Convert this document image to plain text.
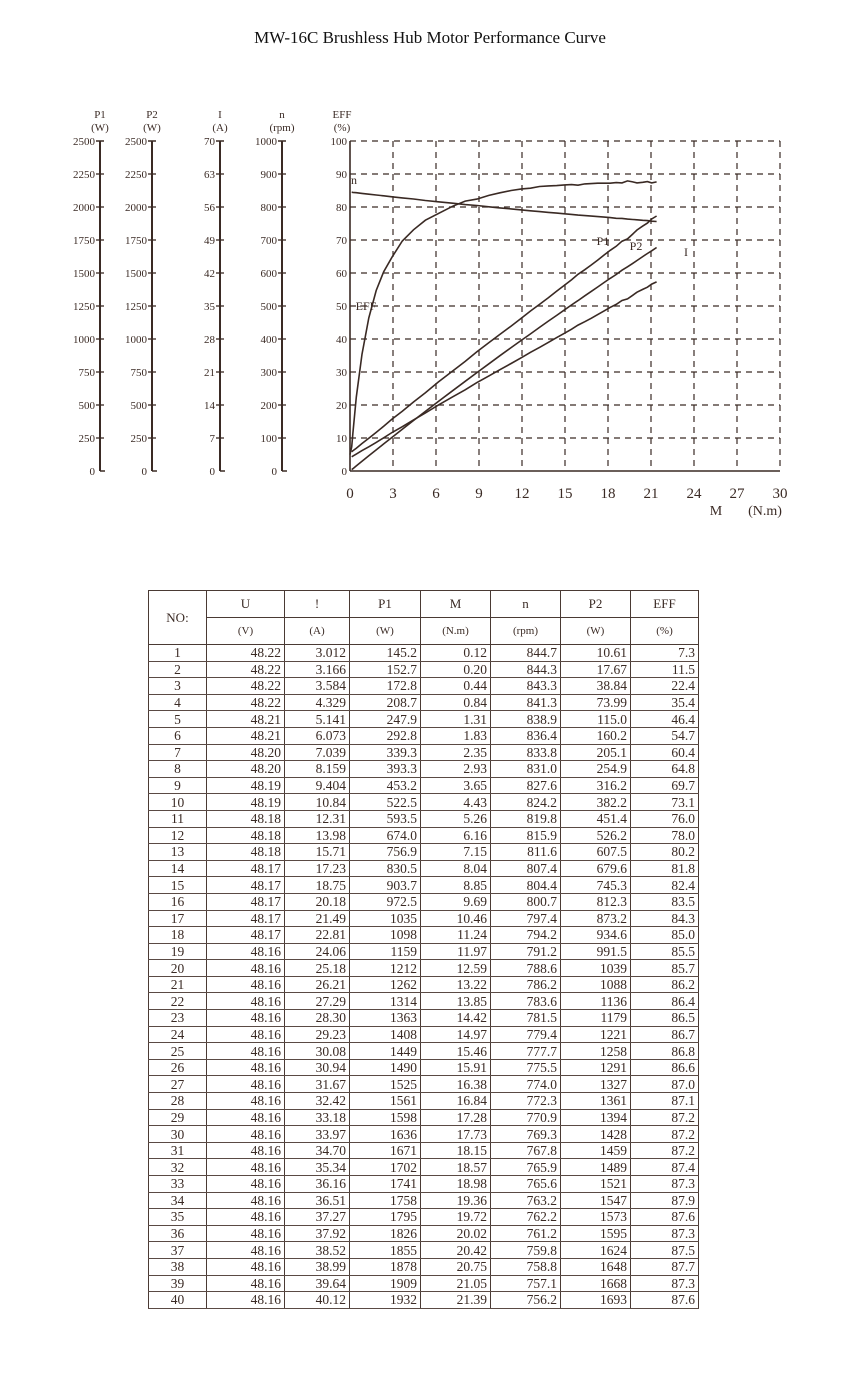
MW-16C Brushless Hub Motor Performance Curve
0 3 6 9 12 15 18 21 24 27 30
M (N.m)
P1
(W)
0
250
500
750
1000
1250
1500
1750
2000
2250
2500
P2
(W)
0
250
500
750
1000
1250
1500
1750
2000
2250
2500
I
(A)
0
7
14
21
28
35
42
49
56
63
70
n
(rpm)
0
100
200
300
400
500
600
700
800
900
1000
EFF
(%)
0
10
20
30
40
50
60
70
80
90
100
EFF
n
P1 P2	I
NO:	U	!	P1	M	n	P2	EFF
	(V)	(A)	(W)	(N.m)	(rpm)	(W)	(%)
1	48.22	3.012	145.2	0.12	844.7	10.61	7.3
2	48.22	3.166	152.7	0.20	844.3	17.67	11.5
3	48.22	3.584	172.8	0.44	843.3	38.84	22.4
4	48.22	4.329	208.7	0.84	841.3	73.99	35.4
5	48.21	5.141	247.9	1.31	838.9	115.0	46.4
6	48.21	6.073	292.8	1.83	836.4	160.2	54.7
7	48.20	7.039	339.3	2.35	833.8	205.1	60.4
8	48.20	8.159	393.3	2.93	831.0	254.9	64.8
9	48.19	9.404	453.2	3.65	827.6	316.2	69.7
10	48.19	10.84	522.5	4.43	824.2	382.2	73.1
11	48.18	12.31	593.5	5.26	819.8	451.4	76.0
12	48.18	13.98	674.0	6.16	815.9	526.2	78.0
13	48.18	15.71	756.9	7.15	811.6	607.5	80.2
14	48.17	17.23	830.5	8.04	807.4	679.6	81.8
15	48.17	18.75	903.7	8.85	804.4	745.3	82.4
16	48.17	20.18	972.5	9.69	800.7	812.3	83.5
17	48.17	21.49	1035	10.46	797.4	873.2	84.3
18	48.17	22.81	1098	11.24	794.2	934.6	85.0
19	48.16	24.06	1159	11.97	791.2	991.5	85.5
20	48.16	25.18	1212	12.59	788.6	1039	85.7
21	48.16	26.21	1262	13.22	786.2	1088	86.2
22	48.16	27.29	1314	13.85	783.6	1136	86.4
23	48.16	28.30	1363	14.42	781.5	1179	86.5
24	48.16	29.23	1408	14.97	779.4	1221	86.7
25	48.16	30.08	1449	15.46	777.7	1258	86.8
26	48.16	30.94	1490	15.91	775.5	1291	86.6
27	48.16	31.67	1525	16.38	774.0	1327	87.0
28	48.16	32.42	1561	16.84	772.3	1361	87.1
29	48.16	33.18	1598	17.28	770.9	1394	87.2
30	48.16	33.97	1636	17.73	769.3	1428	87.2
31	48.16	34.70	1671	18.15	767.8	1459	87.2
32	48.16	35.34	1702	18.57	765.9	1489	87.4
33	48.16	36.16	1741	18.98	765.6	1521	87.3
34	48.16	36.51	1758	19.36	763.2	1547	87.9
35	48.16	37.27	1795	19.72	762.2	1573	87.6
36	48.16	37.92	1826	20.02	761.2	1595	87.3
37	48.16	38.52	1855	20.42	759.8	1624	87.5
38	48.16	38.99	1878	20.75	758.8	1648	87.7
39	48.16	39.64	1909	21.05	757.1	1668	87.3
40	48.16	40.12	1932	21.39	756.2	1693	87.6
